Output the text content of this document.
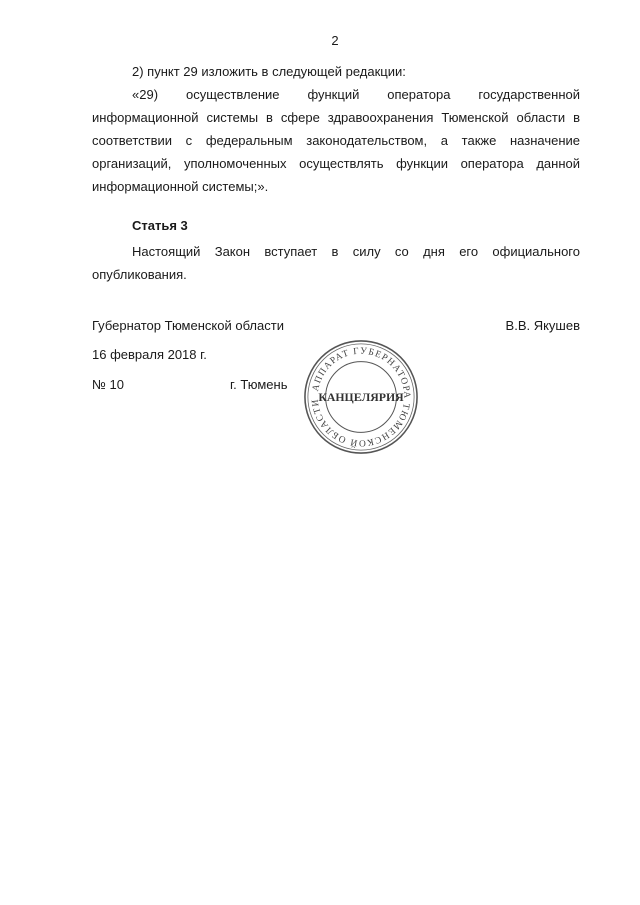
2

2) пункт 29 изложить в следующей редакции:

«29) осуществление функций оператора государственной информационной системы в сфере здравоохранения Тюменской области в соответствии с федеральным законодательством, а также назначение организаций, уполномоченных осуществлять функции оператора данной информационной системы;».

Статья 3

Настоящий Закон вступает в силу со дня его официального опубликования.

Губернатор Тюменской области	В.В. Якушев
16 февраля 2018 г.
№ 10	г. Тюмень АППАРАТ ГУБЕРНАТОРА ТЮМЕНСКОЙ ОБЛАСТИ
КАНЦЕЛЯРИЯ
